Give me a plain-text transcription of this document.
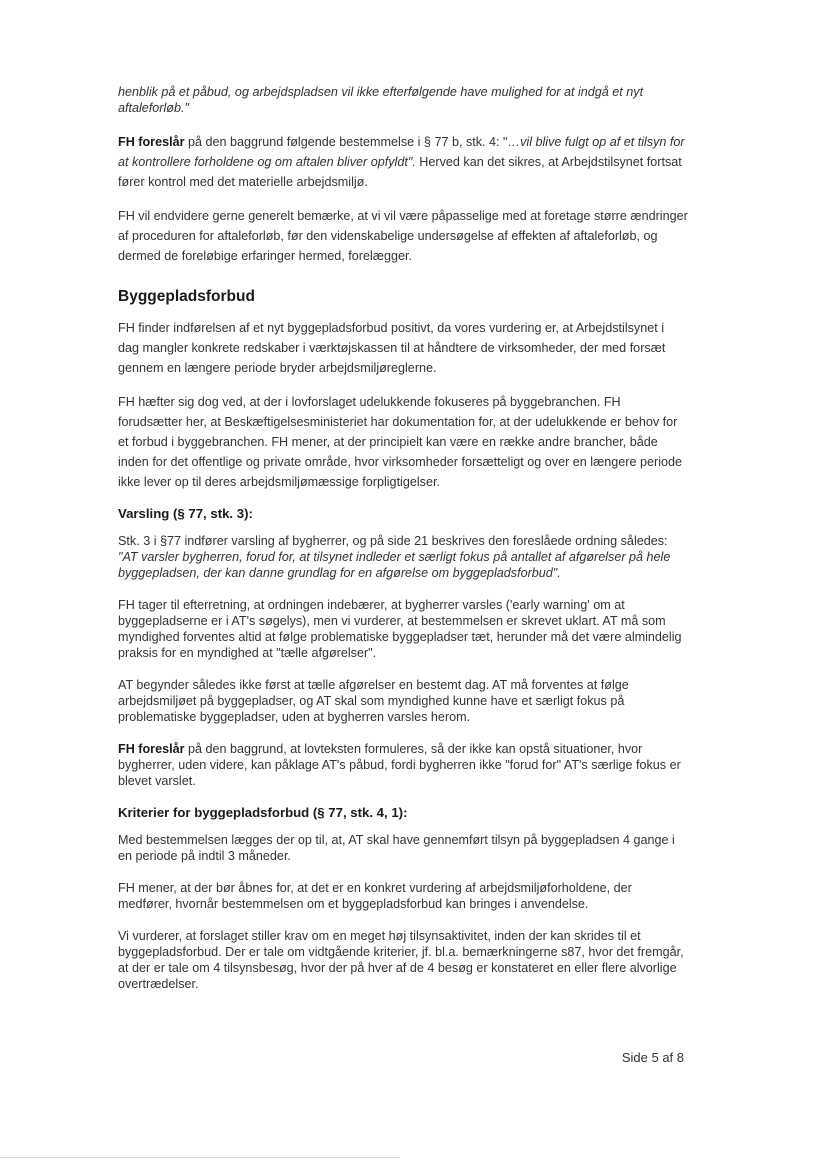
henblik på et påbud, og arbejdspladsen vil ikke efterfølgende have mulighed for at indgå et nyt aftaleforløb."

FH foreslår på den baggrund følgende bestemmelse i § 77 b, stk. 4: "…vil blive fulgt op af et tilsyn for at kontrollere forholdene og om aftalen bliver opfyldt". Herved kan det sikres, at Arbejdstilsynet fortsat fører kontrol med det materielle arbejdsmiljø.

FH vil endvidere gerne generelt bemærke, at vi vil være påpasselige med at foretage større ændringer af proceduren for aftaleforløb, før den videnskabelige undersøgelse af effekten af aftaleforløb, og dermed de foreløbige erfaringer hermed, forelægger.

Byggepladsforbud

FH finder indførelsen af et nyt byggepladsforbud positivt, da vores vurdering er, at Arbejdstilsynet i dag mangler konkrete redskaber i værktøjskassen til at håndtere de virksomheder, der med forsæt gennem en længere periode bryder arbejdsmiljøreglerne.

FH hæfter sig dog ved, at der i lovforslaget udelukkende fokuseres på byggebranchen. FH forudsætter her, at Beskæftigelsesministeriet har dokumentation for, at der udelukkende er behov for et forbud i byggebranchen. FH mener, at der principielt kan være en række andre brancher, både inden for det offentlige og private område, hvor virksomheder forsætteligt og over en længere periode ikke lever op til deres arbejdsmiljømæssige forpligtigelser.

Varsling (§ 77, stk. 3):

Stk. 3 i §77 indfører varsling af bygherrer, og på side 21 beskrives den foreslåede ordning således: "AT varsler bygherren, forud for, at tilsynet indleder et særligt fokus på antallet af afgørelser på hele byggepladsen, der kan danne grundlag for en afgørelse om byggepladsforbud".

FH tager til efterretning, at ordningen indebærer, at bygherrer varsles ('early warning' om at byggepladserne er i AT's søgelys), men vi vurderer, at bestemmelsen er skrevet uklart. AT må som myndighed forventes altid at følge problematiske byggepladser tæt, herunder må det være almindelig praksis for en myndighed at "tælle afgørelser".

AT begynder således ikke først at tælle afgørelser en bestemt dag. AT må forventes at følge arbejdsmiljøet på byggepladser, og AT skal som myndighed kunne have et særligt fokus på problematiske byggepladser, uden at bygherren varsles herom.

FH foreslår på den baggrund, at lovteksten formuleres, så der ikke kan opstå situationer, hvor bygherrer, uden videre, kan påklage AT's påbud, fordi bygherren ikke "forud for" AT's særlige fokus er blevet varslet.

Kriterier for byggepladsforbud (§ 77, stk. 4, 1):

Med bestemmelsen lægges der op til, at, AT skal have gennemført tilsyn på byggepladsen 4 gange i en periode på indtil 3 måneder.

FH mener, at der bør åbnes for, at det er en konkret vurdering af arbejdsmiljøforholdene, der medfører, hvornår bestemmelsen om et byggepladsforbud kan bringes i anvendelse.

Vi vurderer, at forslaget stiller krav om en meget høj tilsynsaktivitet, inden der kan skrides til et byggepladsforbud. Der er tale om vidtgående kriterier, jf. bl.a. bemærkningerne s87, hvor det fremgår, at der er tale om 4 tilsynsbesøg, hvor der på hver af de 4 besøg er konstateret en eller flere alvorlige overtrædelser.

Side 5 af 8
